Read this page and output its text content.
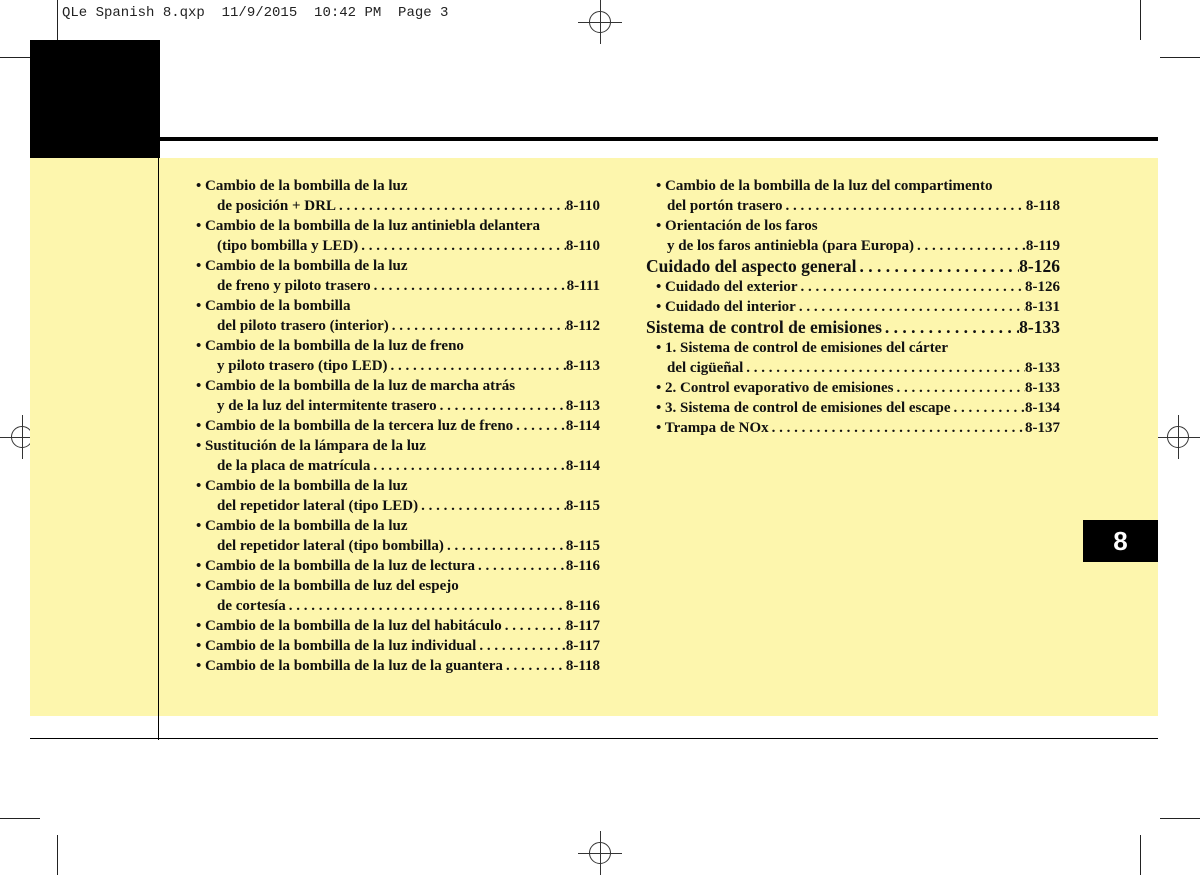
QLe Spanish 8.qxp  11/9/2015  10:42 PM  Page 3
8
• Cambio de la bombilla de la luz
de posición + DRL . . .	8-110
• Cambio de la bombilla de la luz antiniebla delantera
(tipo bombilla y LED) . . .	8-110
• Cambio de la bombilla de la luz
de freno y piloto trasero . . .	8-111
• Cambio de la bombilla
del piloto trasero (interior) . . .	8-112
• Cambio de la bombilla de la luz de freno
y piloto trasero (tipo LED) . . .	8-113
• Cambio de la bombilla de la luz de marcha atrás
y de la luz del intermitente trasero . . .	8-113
• Cambio de la bombilla de la tercera luz de freno . . .	8-114
• Sustitución de la lámpara de la luz
de la placa de matrícula . . .	8-114
• Cambio de la bombilla de la luz
del repetidor lateral (tipo LED) . . .	8-115
• Cambio de la bombilla de la luz
del repetidor lateral (tipo bombilla) . . .	8-115
• Cambio de la bombilla de la luz de lectura . . .	8-116
• Cambio de la bombilla de luz del espejo
de cortesía . . .	8-116
• Cambio de la bombilla de la luz del habitáculo . . .	8-117
• Cambio de la bombilla de la luz individual . . .	8-117
• Cambio de la bombilla de la luz de la guantera . . .	8-118
• Cambio de la bombilla de la luz del compartimento
del portón trasero . . .	8-118
• Orientación de los faros
y de los faros antiniebla (para Europa) . . .	8-119
Cuidado del aspecto general . . .	8-126
• Cuidado del exterior . . .	8-126
• Cuidado del interior . . .	8-131
Sistema de control de emisiones . . .	8-133
• 1. Sistema de control de emisiones del cárter
del cigüeñal . . .	8-133
• 2. Control evaporativo de emisiones . . .	8-133
• 3. Sistema de control de emisiones del escape . . .	8-134
• Trampa de NOx . . .	8-137
